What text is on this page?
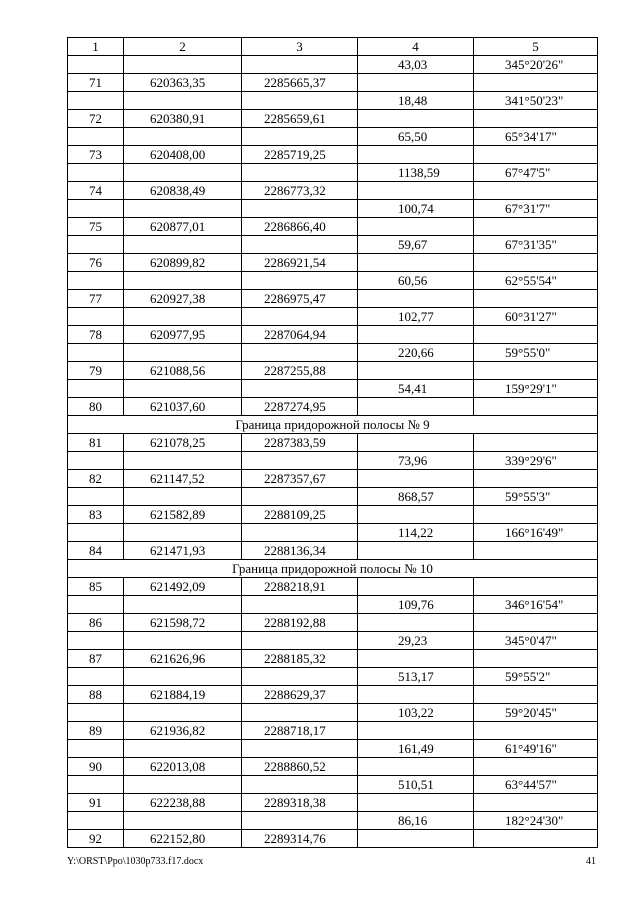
1	2	3	4	5
			43,03	345°20'26"
71	620363,35	2285665,37		
			18,48	341°50'23"
72	620380,91	2285659,61		
			65,50	65°34'17"
73	620408,00	2285719,25		
			1138,59	67°47'5"
74	620838,49	2286773,32		
			100,74	67°31'7"
75	620877,01	2286866,40		
			59,67	67°31'35"
76	620899,82	2286921,54		
			60,56	62°55'54"
77	620927,38	2286975,47		
			102,77	60°31'27"
78	620977,95	2287064,94		
			220,66	59°55'0"
79	621088,56	2287255,88		
			54,41	159°29'1"
80	621037,60	2287274,95		
Граница придорожной полосы № 9				
81	621078,25	2287383,59		
			73,96	339°29'6"
82	621147,52	2287357,67		
			868,57	59°55'3"
83	621582,89	2288109,25		
			114,22	166°16'49"
84	621471,93	2288136,34		
Граница придорожной полосы № 10				
85	621492,09	2288218,91		
			109,76	346°16'54"
86	621598,72	2288192,88		
			29,23	345°0'47"
87	621626,96	2288185,32		
			513,17	59°55'2"
88	621884,19	2288629,37		
			103,22	59°20'45"
89	621936,82	2288718,17		
			161,49	61°49'16"
90	622013,08	2288860,52		
			510,51	63°44'57"
91	622238,88	2289318,38		
			86,16	182°24'30"
92	622152,80	2289314,76		
Y:\ORST\Ppo\1030p733.f17.docx	41
